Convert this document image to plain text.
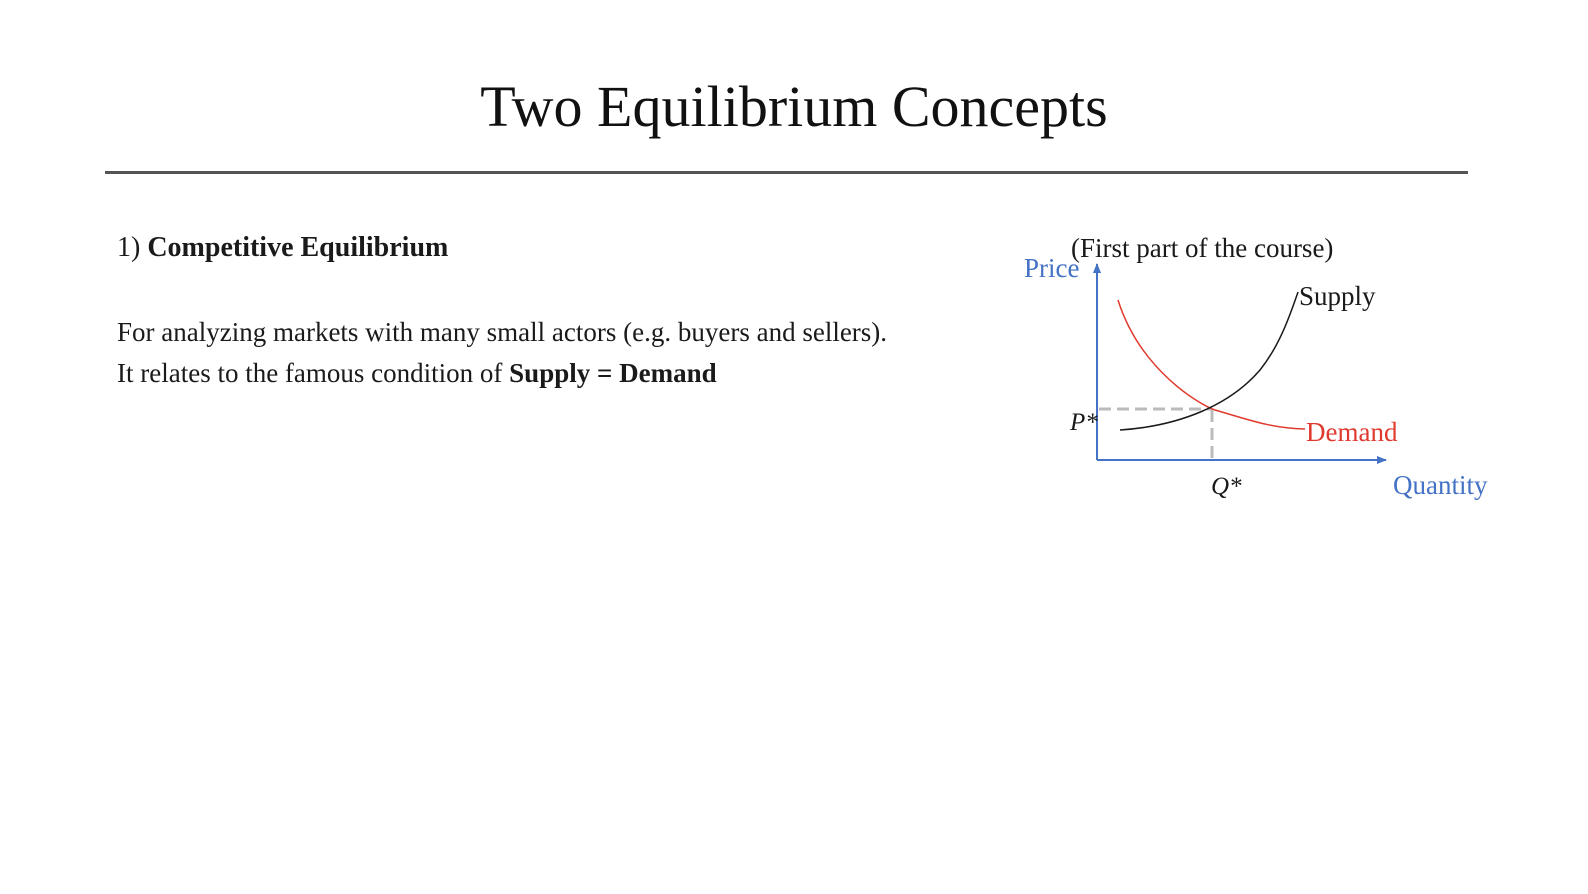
Two Equilibrium Concepts
1) Competitive Equilibrium	(First part of the course)
For analyzing markets with many small actors (e.g. buyers and sellers).
It relates to the famous condition of Supply = Demand
Price
Quantity
Supply
Demand
P*
Q*
